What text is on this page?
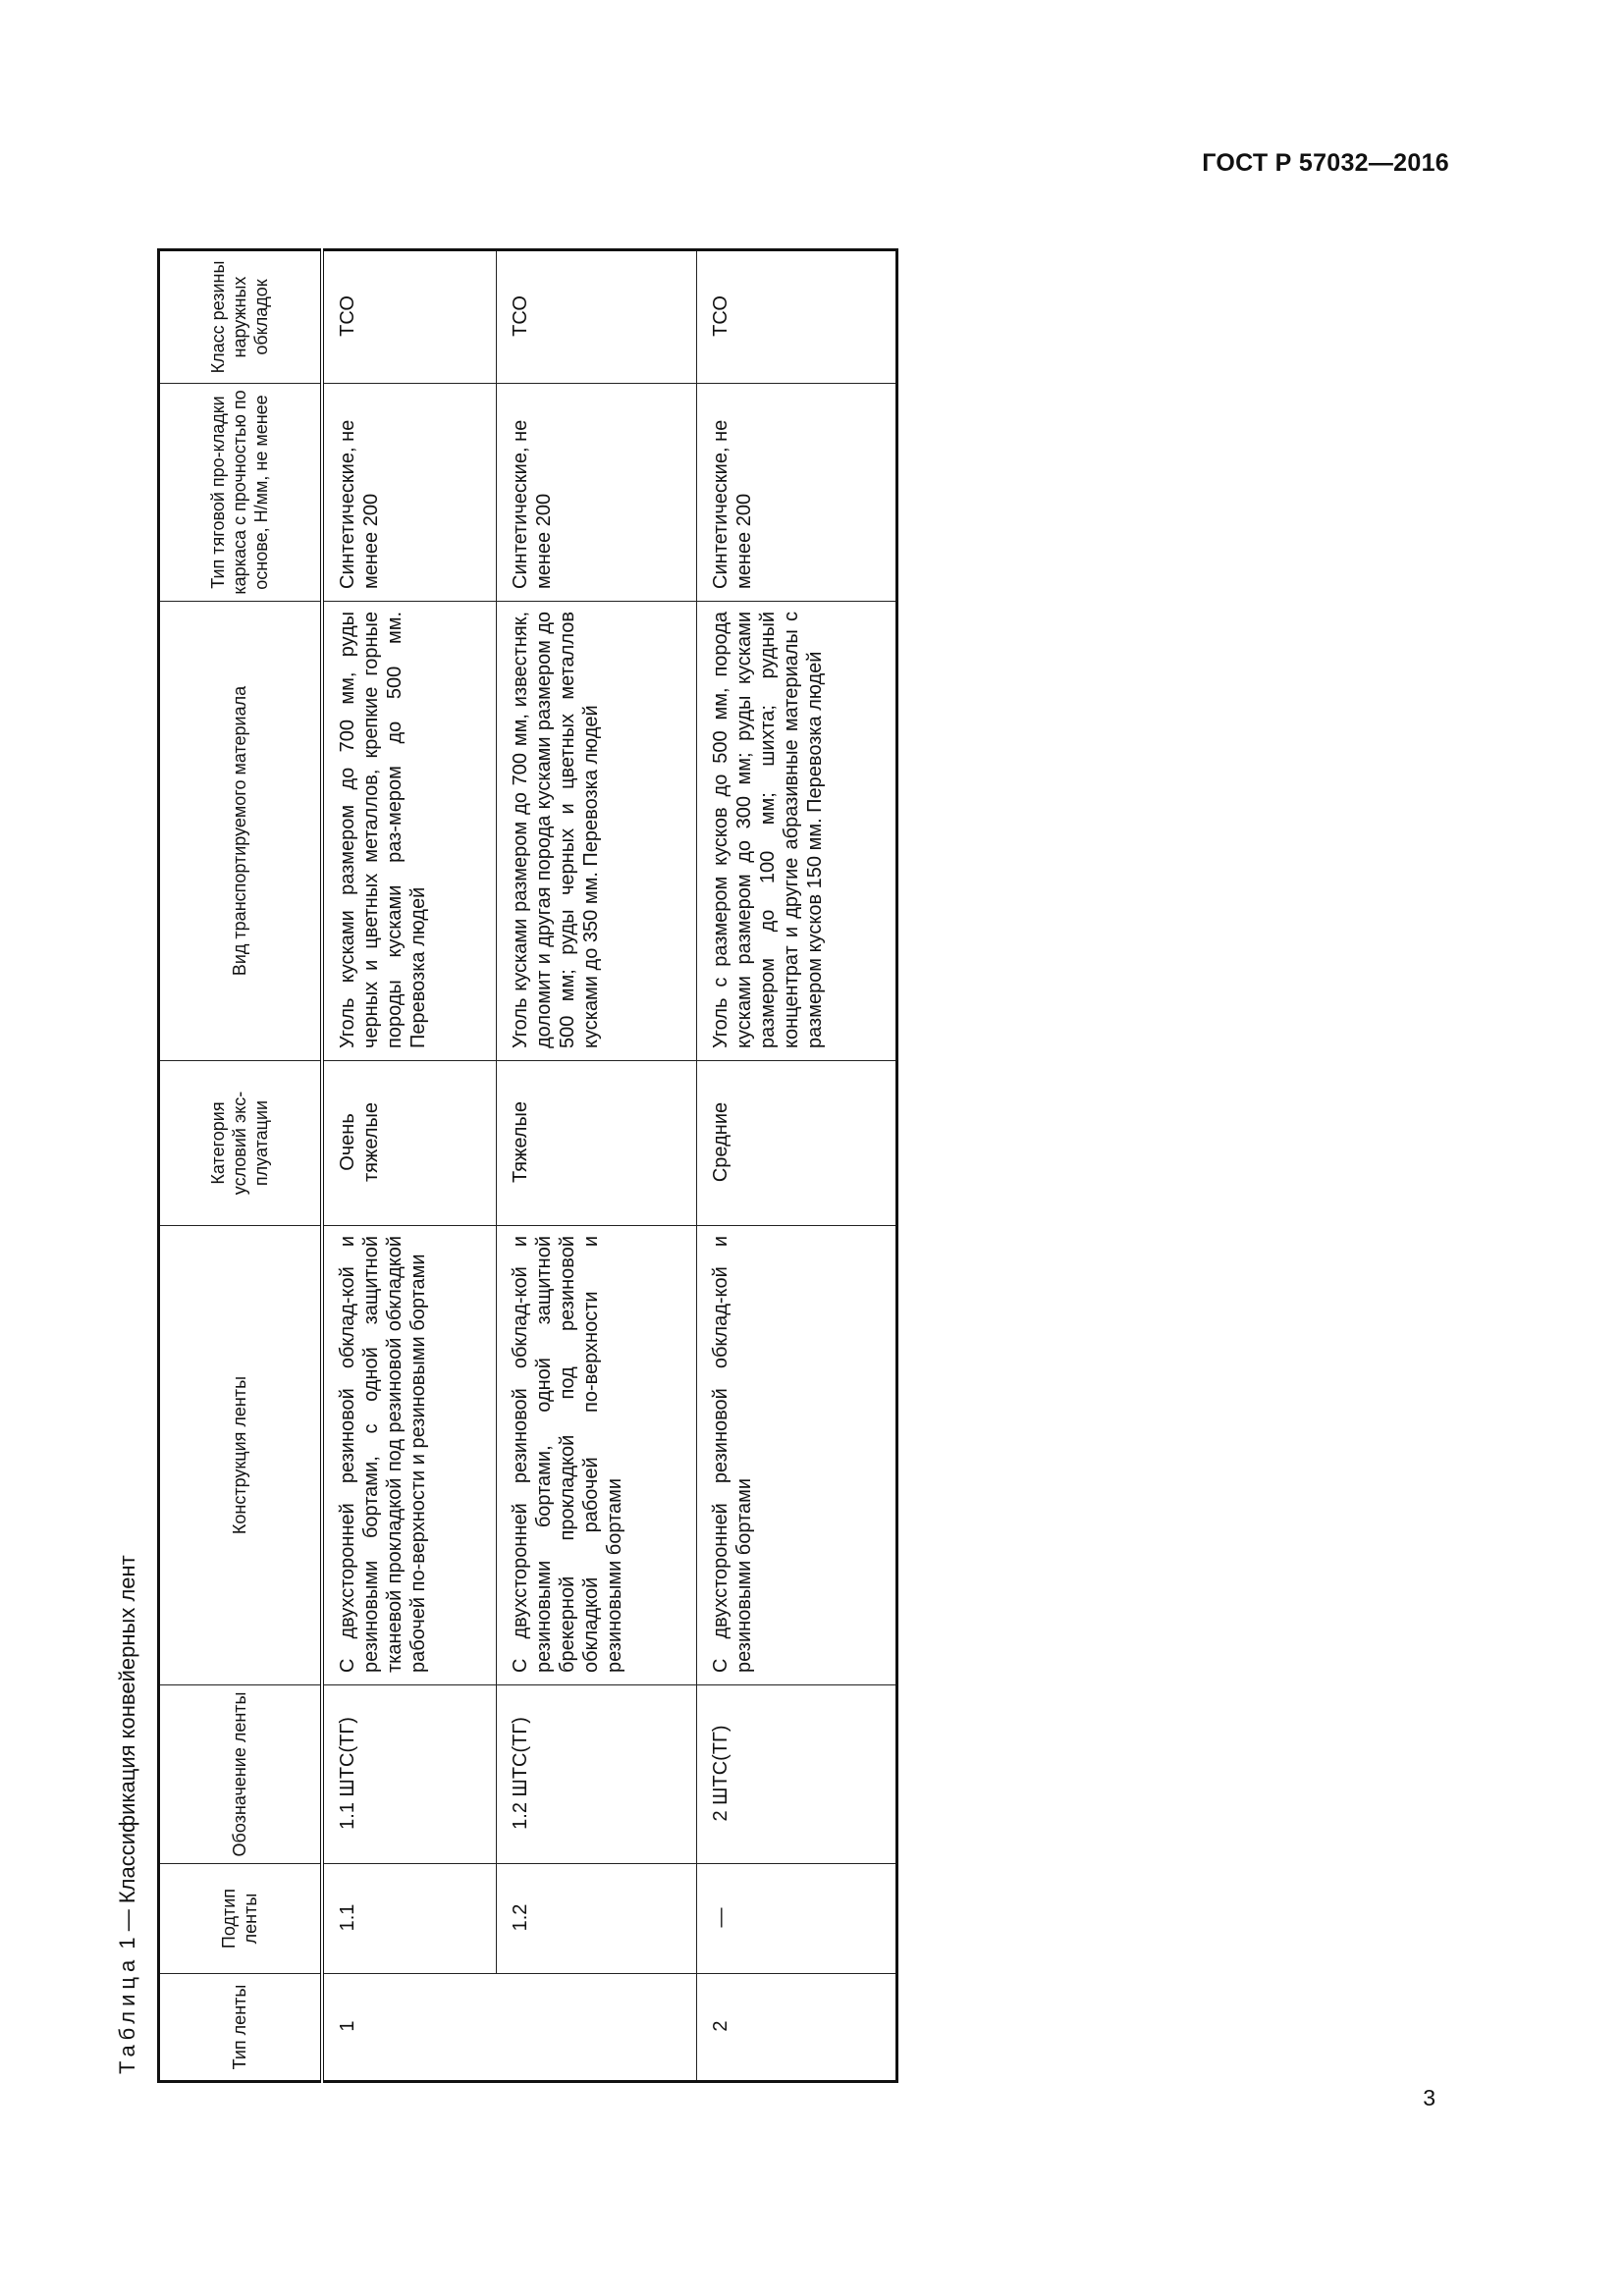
ГОСТ Р 57032—2016
Таблица 1 — Классификация конвейерных лент
Тип ленты	Подтип ленты	Обозначение ленты	Конструкция ленты	Категория условий экс-плуатации	Вид транспортируемого материала	Тип тяговой про-кладки каркаса с прочностью по основе, Н/мм, не менее	Класс резины наружных обкладок
1	1.1	1.1 ШТС(ТГ)	С двухсторонней резиновой обклад-кой и резиновыми бортами, с одной защитной тканевой прокладкой под резиновой обкладкой рабочей по-верхности и резиновыми бортами	Очень тяжелые	Уголь кусками размером до 700 мм, руды черных и цветных металлов, крепкие горные породы кусками раз-мером до 500 мм. Перевозка людей	Синтетические, не менее 200	ТСО
	1.2	1.2 ШТС(ТГ)	С двухсторонней резиновой обклад-кой и резиновыми бортами, одной защитной брекерной прокладкой под резиновой обкладкой рабочей по-верхности и резиновыми бортами	Тяжелые	Уголь кусками размером до 700 мм, известняк, доломит и другая порода кусками размером до 500 мм; руды черных и цветных металлов кусками до 350 мм. Перевозка людей	Синтетические, не менее 200	ТСО
2	—	2 ШТС(ТГ)	С двухсторонней резиновой обклад-кой и резиновыми бортами	Средние	Уголь с размером кусков до 500 мм, порода кусками размером до 300 мм; руды кусками размером до 100 мм; шихта; рудный концентрат и другие абразивные материалы с размером кусков 150 мм. Перевозка людей	Синтетические, не менее 200	ТСО
3
